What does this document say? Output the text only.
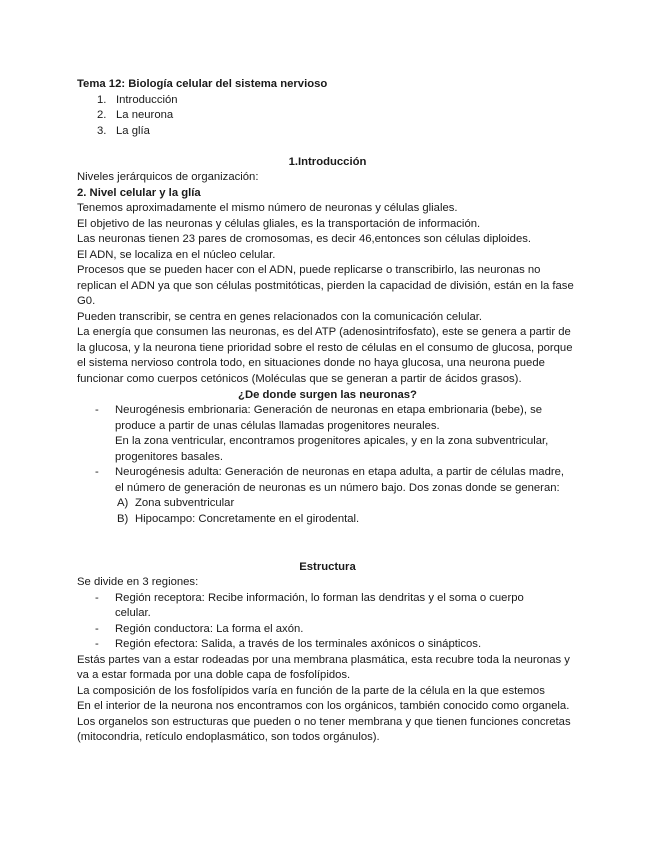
Tema 12: Biología celular del sistema nervioso

1. Introducción
2. La neurona
3. La glía

1.Introducción

Niveles jerárquicos de organización:

2. Nivel celular y la glía

Tenemos aproximadamente el mismo número de neuronas y células gliales.

El objetivo de las neuronas y células gliales, es la transportación de información.

Las neuronas tienen 23 pares de cromosomas, es decir 46,entonces son células diploides.

El ADN, se localiza en el núcleo celular.

Procesos que se pueden hacer con el ADN, puede replicarse o transcribirlo, las neuronas no replican el ADN ya que son células postmitóticas, pierden la capacidad de división, están en la fase G0.

Pueden transcribir, se centra en genes relacionados con la comunicación celular.

La energía que consumen las neuronas, es del ATP (adenosintrifosfato), este se genera a partir de la glucosa, y la neurona tiene prioridad sobre el resto de células en el consumo de glucosa, porque el sistema nervioso controla todo, en situaciones donde no haya glucosa, una neurona puede funcionar como cuerpos cetónicos (Moléculas que se generan a partir de ácidos grasos).

¿De donde surgen las neuronas?

- Neurogénesis embrionaria: Generación de neuronas en etapa embrionaria (bebe), se produce a partir de unas células llamadas progenitores neurales.

En la zona ventricular, encontramos progenitores apicales, y en la zona subventricular, progenitores basales.

- Neurogénesis adulta: Generación de neuronas en etapa adulta, a partir de células madre, el número de generación de neuronas es un número bajo. Dos zonas donde se generan:

A) Zona subventricular
B) Hipocampo: Concretamente en el girodental.

Estructura

Se divide en 3 regiones:

- Región receptora: Recibe información, lo forman las dendritas y el soma o cuerpo celular.

- Región conductora: La forma el axón.

- Región efectora: Salida, a través de los terminales axónicos o sinápticos.

Estás partes van a estar rodeadas por una membrana plasmática, esta recubre toda la neuronas y va a estar formada por una doble capa de fosfolípidos.

La composición de los fosfolípidos varía en función de la parte de la célula en la que estemos

En el interior de la neurona nos encontramos con los orgánicos, también conocido como organela.

Los organelos son estructuras que pueden o no tener membrana y que tienen funciones concretas (mitocondria, retículo endoplasmático, son todos orgánulos).
